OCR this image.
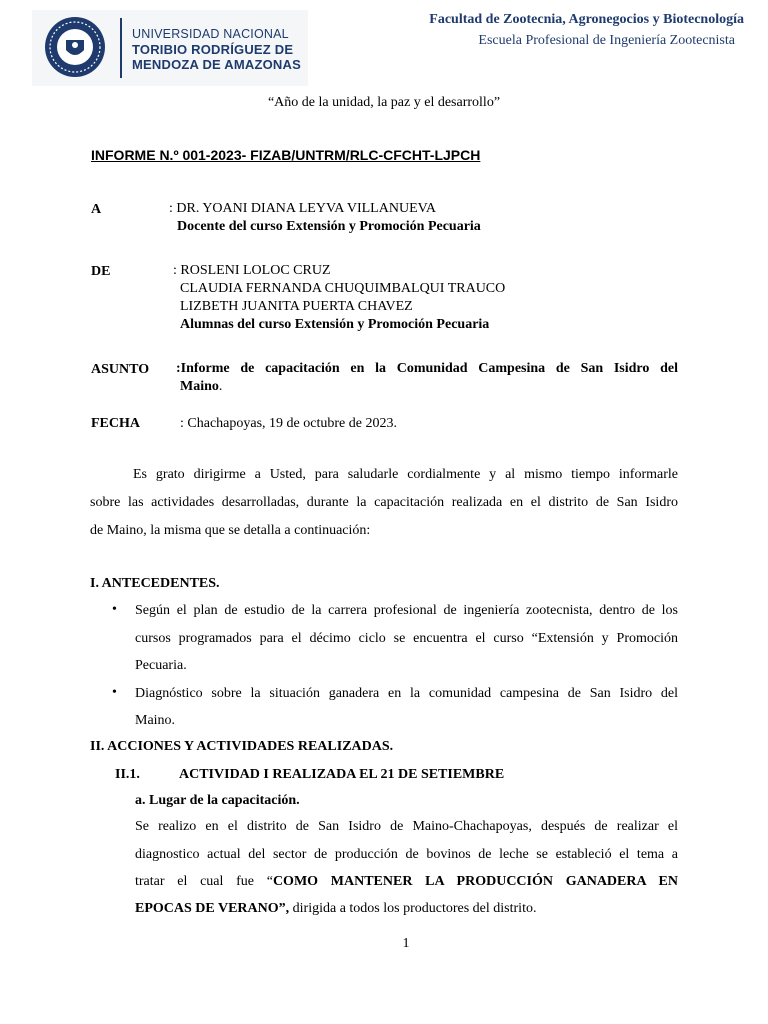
UNIVERSIDAD NACIONAL
TORIBIO RODRÍGUEZ DE
MENDOZA DE AMAZONAS
Facultad de Zootecnia, Agronegocios y Biotecnología
Escuela Profesional de Ingeniería Zootecnista
“Año de la unidad, la paz y el desarrollo”
INFORME N.º 001-2023- FIZAB/UNTRM/RLC-CFCHT-LJPCH
A	: DR. YOANI DIANA LEYVA VILLANUEVA
Docente del curso Extensión y Promoción Pecuaria
DE	: ROSLENI LOLOC CRUZ
CLAUDIA FERNANDA CHUQUIMBALQUI TRAUCO
LIZBETH JUANITA PUERTA CHAVEZ
Alumnas del curso Extensión y Promoción Pecuaria
ASUNTO :Informe de capacitación en la Comunidad Campesina de San Isidro del
Maino.
FECHA	: Chachapoyas, 19 de octubre de 2023.
Es grato dirigirme a Usted, para saludarle cordialmente y al mismo tiempo informarle
sobre las actividades desarrolladas, durante la capacitación realizada en el distrito de San Isidro
de Maino, la misma que se detalla a continuación:
I. ANTECEDENTES.
• Según el plan de estudio de la carrera profesional de ingeniería zootecnista, dentro de los
cursos programados para el décimo ciclo se encuentra el curso “Extensión y Promoción
Pecuaria.
• Diagnóstico sobre la situación ganadera en la comunidad campesina de San Isidro del
Maino.
II. ACCIONES Y ACTIVIDADES REALIZADAS.
II.1.	ACTIVIDAD I REALIZADA EL 21 DE SETIEMBRE
a. Lugar de la capacitación.
Se realizo en el distrito de San Isidro de Maino-Chachapoyas, después de realizar el
diagnostico actual del sector de producción de bovinos de leche se estableció el tema a
tratar el cual fue “COMO MANTENER LA PRODUCCIÓN GANADERA EN
EPOCAS DE VERANO”, dirigida a todos los productores del distrito.
1
